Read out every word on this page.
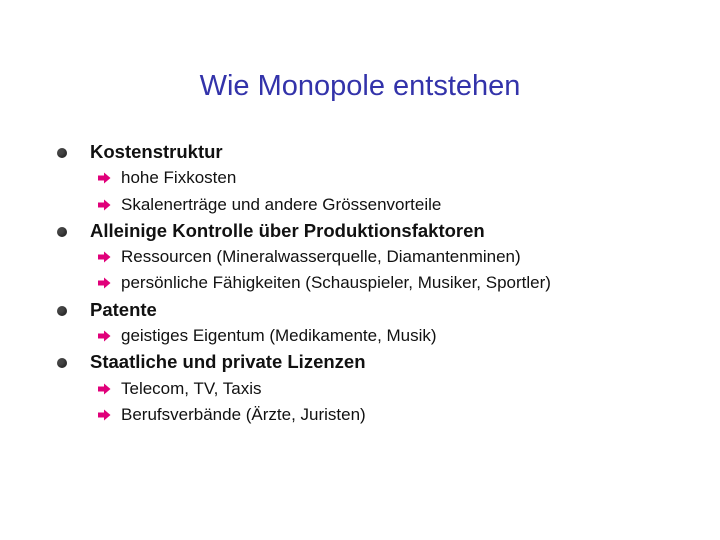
Wie Monopole entstehen
Kostenstruktur
hohe Fixkosten
Skalenerträge und andere Grössenvorteile
Alleinige Kontrolle über Produktionsfaktoren
Ressourcen (Mineralwasserquelle, Diamantenminen)
persönliche Fähigkeiten (Schauspieler, Musiker, Sportler)
Patente
geistiges Eigentum (Medikamente, Musik)
Staatliche und private Lizenzen
Telecom, TV, Taxis
Berufsverbände (Ärzte, Juristen)
